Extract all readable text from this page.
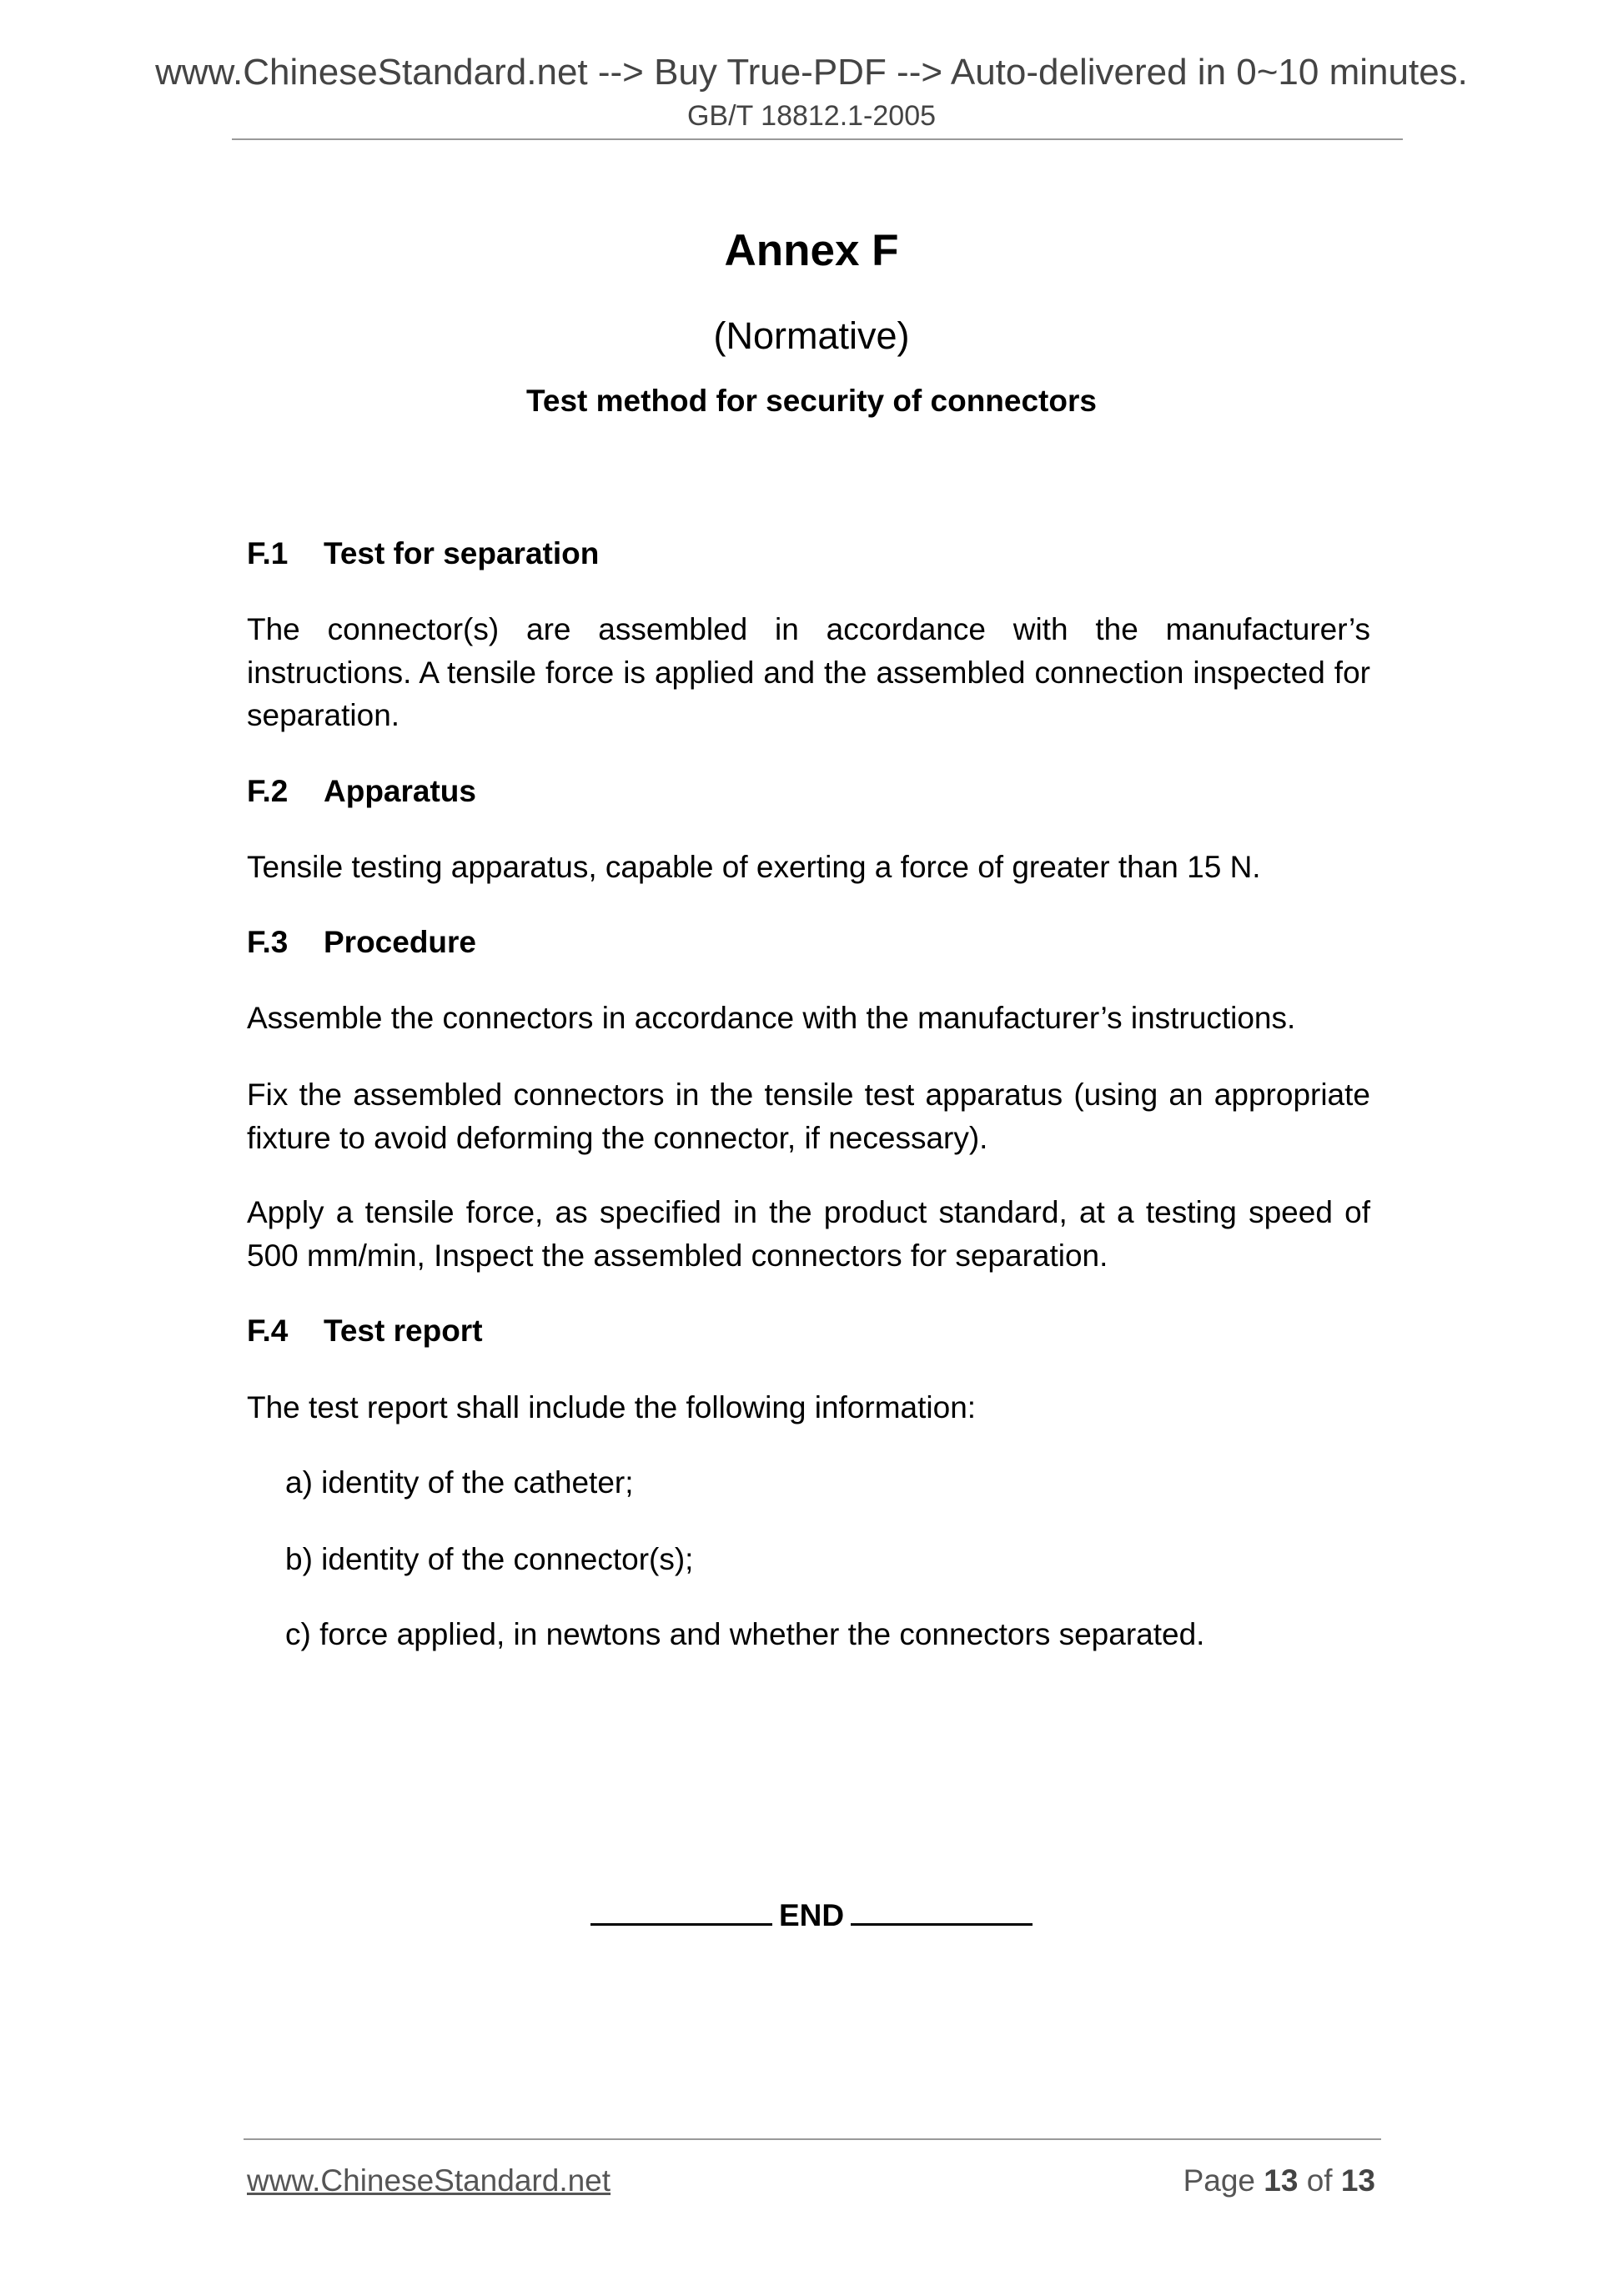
www.ChineseStandard.net --> Buy True-PDF --> Auto-delivered in 0~10 minutes.
GB/T 18812.1-2005
Annex F
(Normative)
Test method for security of connectors
F.1 Test for separation
The connector(s) are assembled in accordance with the manufacturer’s instructions. A tensile force is applied and the assembled connection inspected for separation.
F.2 Apparatus
Tensile testing apparatus, capable of exerting a force of greater than 15 N.
F.3 Procedure
Assemble the connectors in accordance with the manufacturer’s instructions.
Fix the assembled connectors in the tensile test apparatus (using an appropriate fixture to avoid deforming the connector, if necessary).
Apply a tensile force, as specified in the product standard, at a testing speed of 500 mm/min, Inspect the assembled connectors for separation.
F.4 Test report
The test report shall include the following information:
a) identity of the catheter;
b) identity of the connector(s);
c) force applied, in newtons and whether the connectors separated.
END
www.ChineseStandard.net	Page 13 of 13
